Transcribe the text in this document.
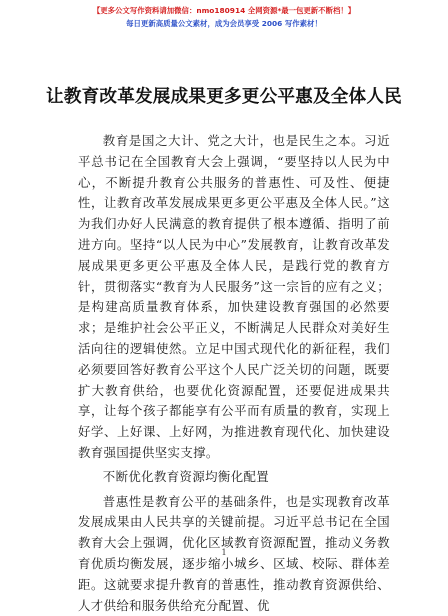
【更多公文写作资料请加微信：nmo180914 全网资源*最一包更新不断档！】
每日更新高质量公文素材，成为会员享受 2006 写作素材！
让教育改革发展成果更多更公平惠及全体人民

教育是国之大计、党之大计，也是民生之本。习近平总书记在全国教育大会上强调，“要坚持以人民为中心，不断提升教育公共服务的普惠性、可及性、便捷性，让教育改革发展成果更多更公平惠及全体人民。”这为我们办好人民满意的教育提供了根本遵循、指明了前进方向。坚持“以人民为中心”发展教育，让教育改革发展成果更多更公平惠及全体人民，是践行党的教育方针，贯彻落实“教育为人民服务”这一宗旨的应有之义；是构建高质量教育体系，加快建设教育强国的必然要求；是维护社会公平正义，不断满足人民群众对美好生活向往的逻辑使然。立足中国式现代化的新征程，我们必须要回答好教育公平这个人民广泛关切的问题，既要扩大教育供给，也要优化资源配置，还要促进成果共享，让每个孩子都能享有公平而有质量的教育，实现上好学、上好课、上好网，为推进教育现代化、加快建设教育强国提供坚实支撑。

不断优化教育资源均衡化配置

普惠性是教育公平的基础条件，也是实现教育改革发展成果由人民共享的关键前提。习近平总书记在全国教育大会上强调，优化区域教育资源配置，推动义务教育优质均衡发展，逐步缩小城乡、区域、校际、群体差距。这就要求提升教育的普惠性，推动教育资源供给、人才供给和服务供给充分配置、优

1
